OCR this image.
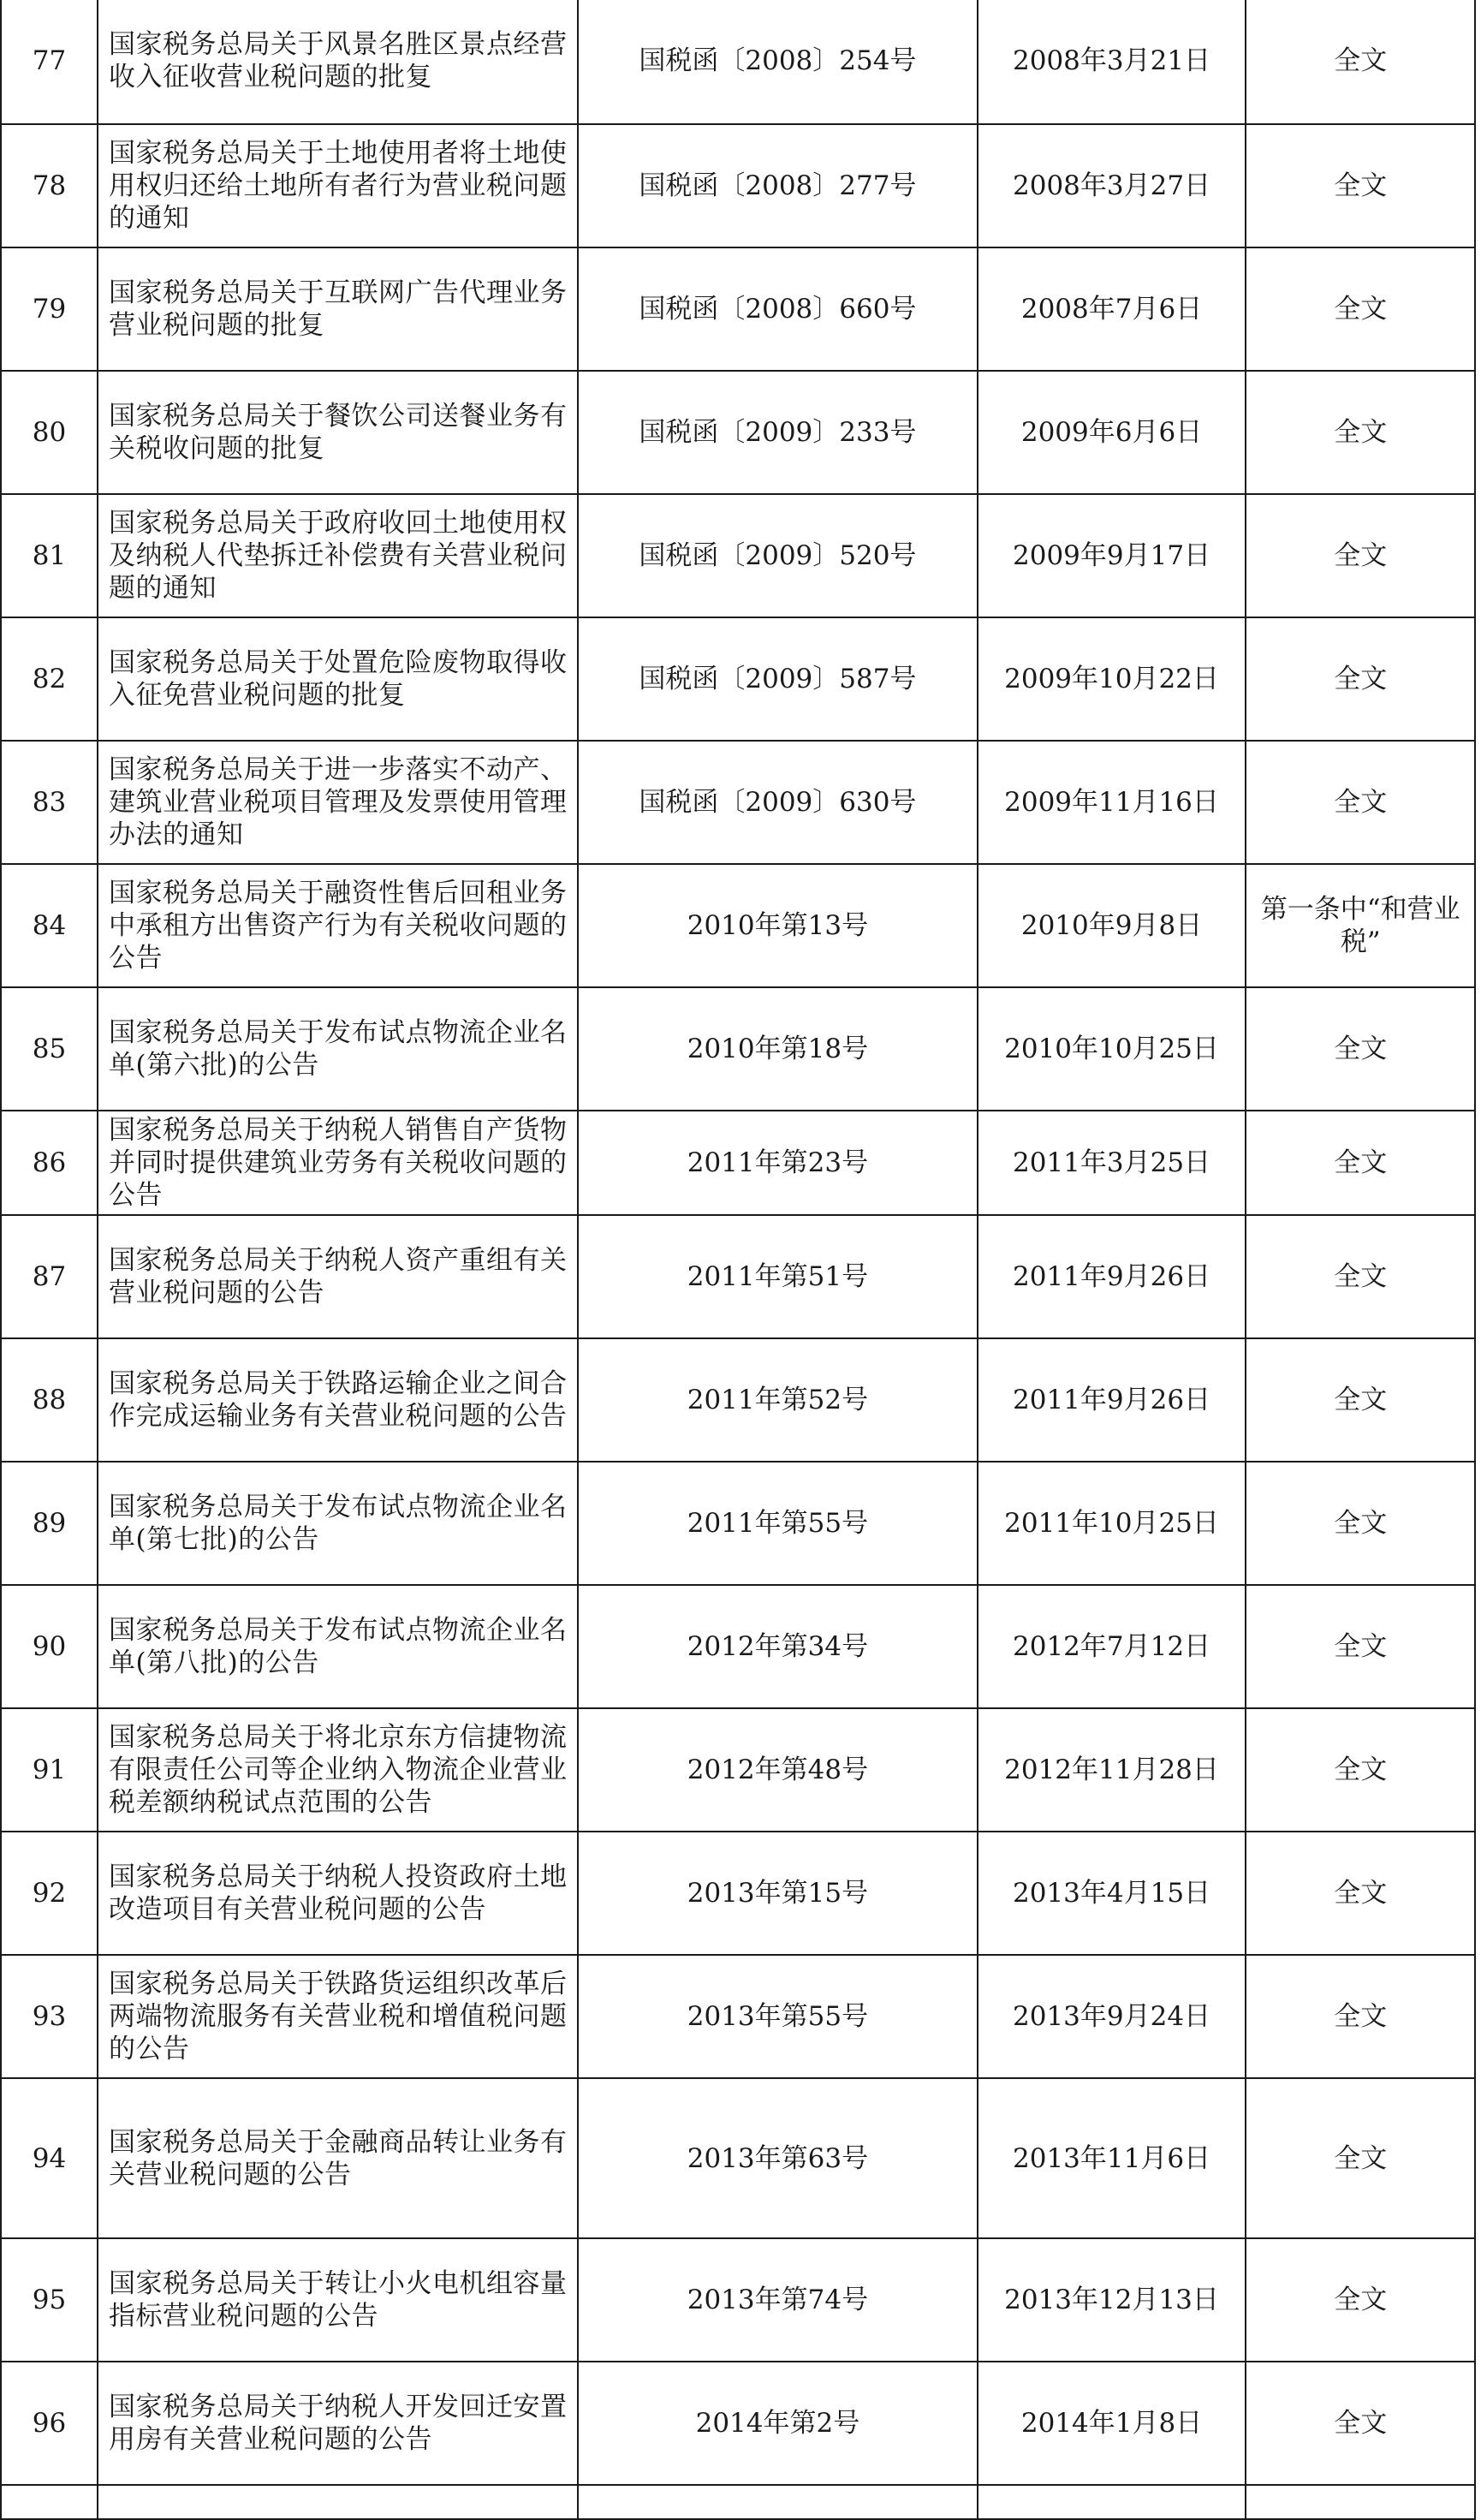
77	国家税务总局关于风景名胜区景点经营收入征收营业税问题的批复	国税函〔2008〕254号	2008年3月21日	全文
78	国家税务总局关于土地使用者将土地使用权归还给土地所有者行为营业税问题的通知	国税函〔2008〕277号	2008年3月27日	全文
79	国家税务总局关于互联网广告代理业务营业税问题的批复	国税函〔2008〕660号	2008年7月6日	全文
80	国家税务总局关于餐饮公司送餐业务有关税收问题的批复	国税函〔2009〕233号	2009年6月6日	全文
81	国家税务总局关于政府收回土地使用权及纳税人代垫拆迁补偿费有关营业税问题的通知	国税函〔2009〕520号	2009年9月17日	全文
82	国家税务总局关于处置危险废物取得收入征免营业税问题的批复	国税函〔2009〕587号	2009年10月22日	全文
83	国家税务总局关于进一步落实不动产、建筑业营业税项目管理及发票使用管理办法的通知	国税函〔2009〕630号	2009年11月16日	全文
84	国家税务总局关于融资性售后回租业务中承租方出售资产行为有关税收问题的公告	2010年第13号	2010年9月8日	第一条中“和营业税”
85	国家税务总局关于发布试点物流企业名单(第六批)的公告	2010年第18号	2010年10月25日	全文
86	国家税务总局关于纳税人销售自产货物并同时提供建筑业劳务有关税收问题的公告	2011年第23号	2011年3月25日	全文
87	国家税务总局关于纳税人资产重组有关营业税问题的公告	2011年第51号	2011年9月26日	全文
88	国家税务总局关于铁路运输企业之间合作完成运输业务有关营业税问题的公告	2011年第52号	2011年9月26日	全文
89	国家税务总局关于发布试点物流企业名单(第七批)的公告	2011年第55号	2011年10月25日	全文
90	国家税务总局关于发布试点物流企业名单(第八批)的公告	2012年第34号	2012年7月12日	全文
91	国家税务总局关于将北京东方信捷物流有限责任公司等企业纳入物流企业营业税差额纳税试点范围的公告	2012年第48号	2012年11月28日	全文
92	国家税务总局关于纳税人投资政府土地改造项目有关营业税问题的公告	2013年第15号	2013年4月15日	全文
93	国家税务总局关于铁路货运组织改革后两端物流服务有关营业税和增值税问题的公告	2013年第55号	2013年9月24日	全文
94	国家税务总局关于金融商品转让业务有关营业税问题的公告	2013年第63号	2013年11月6日	全文
95	国家税务总局关于转让小火电机组容量指标营业税问题的公告	2013年第74号	2013年12月13日	全文
96	国家税务总局关于纳税人开发回迁安置用房有关营业税问题的公告	2014年第2号	2014年1月8日	全文
